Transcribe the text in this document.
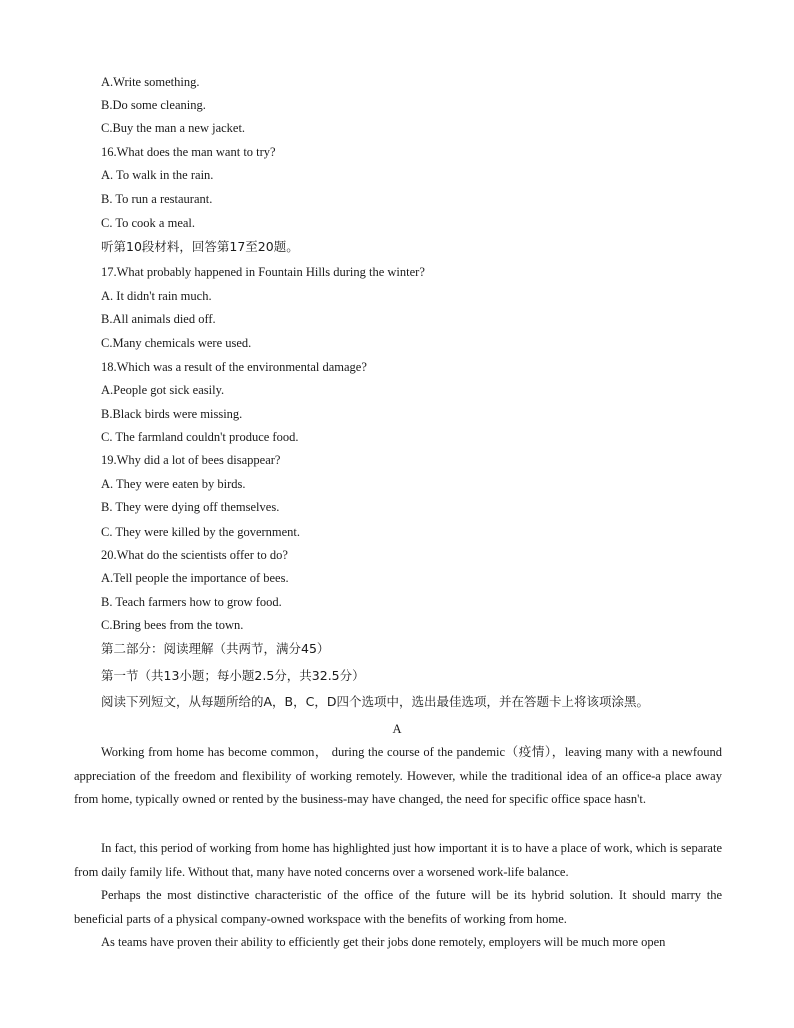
A.Write something.
B.Do some cleaning.
C.Buy the man a new jacket.
16.What does the man want to try?
A. To walk in the rain.
B. To run a restaurant.
C. To cook a meal.
听第10段材料，回答第17至20题。
17.What probably happened in Fountain Hills during the winter?
A. It didn't rain much.
B.All animals died off.
C.Many chemicals were used.
18.Which was a result of the environmental damage?
A.People got sick easily.
B.Black birds were missing.
C. The farmland couldn't produce food.
19.Why did a lot of bees disappear?
A. They were eaten by birds.
B. They were dying off themselves.
C. They were killed by the government.
20.What do the scientists offer to do?
A.Tell people the importance of bees.
B. Teach farmers how to grow food.
C.Bring bees from the town.
第二部分：阅读理解（共两节，满分45）
第一节（共13小题；每小题2.5分，共32.5分）
阅读下列短文，从每题所给的A，B，C，D四个选项中，选出最佳选项，并在答题卡上将该项涂黑。
A
Working from home has become common， during the course of the pandemic（疫情），leaving many with a newfound appreciation of the freedom and flexibility of working remotely. However, while the traditional idea of an office-a place away from home, typically owned or rented by the business-may have changed, the need for specific office space hasn't.
In fact, this period of working from home has highlighted just how important it is to have a place of work, which is separate from daily family life. Without that, many have noted concerns over a worsened work-life balance.
Perhaps the most distinctive characteristic of the office of the future will be its hybrid solution. It should marry the beneficial parts of a physical company-owned workspace with the benefits of working from home.
As teams have proven their ability to efficiently get their jobs done remotely, employers will be much more open
